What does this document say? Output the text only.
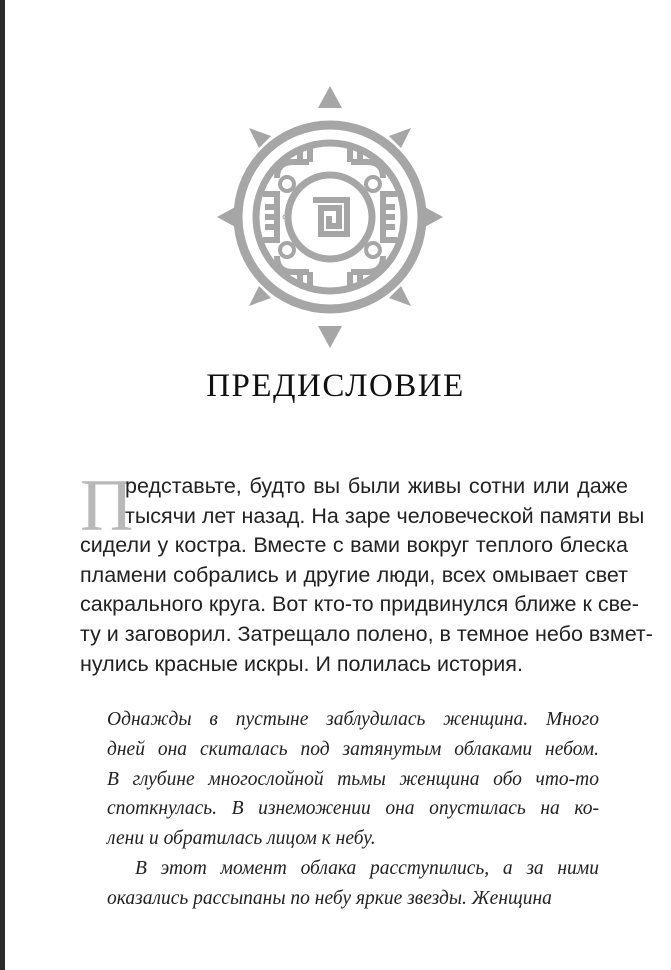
ПРЕДИСЛОВИЕ
П
редставьте, будто вы были живы сотни или даже
тысячи лет назад. На заре человеческой памяти вы
сидели у костра. Вместе с вами вокруг теплого блеска
пламени собрались и другие люди, всех омывает свет
сакрального круга. Вот кто-то придвинулся ближе к све-
ту и заговорил. Затрещало полено, в темное небо взмет-
нулись красные искры. И полилась история.
Однажды в пустыне заблудилась женщина. Много
дней она скиталась под затянутым облаками небом.
В глубине многослойной тьмы женщина обо что-то
споткнулась. В изнеможении она опустилась на ко-
лени и обратилась лицом к небу.
В этот момент облака расступились, а за ними
оказались рассыпаны по небу яркие звезды. Женщина
